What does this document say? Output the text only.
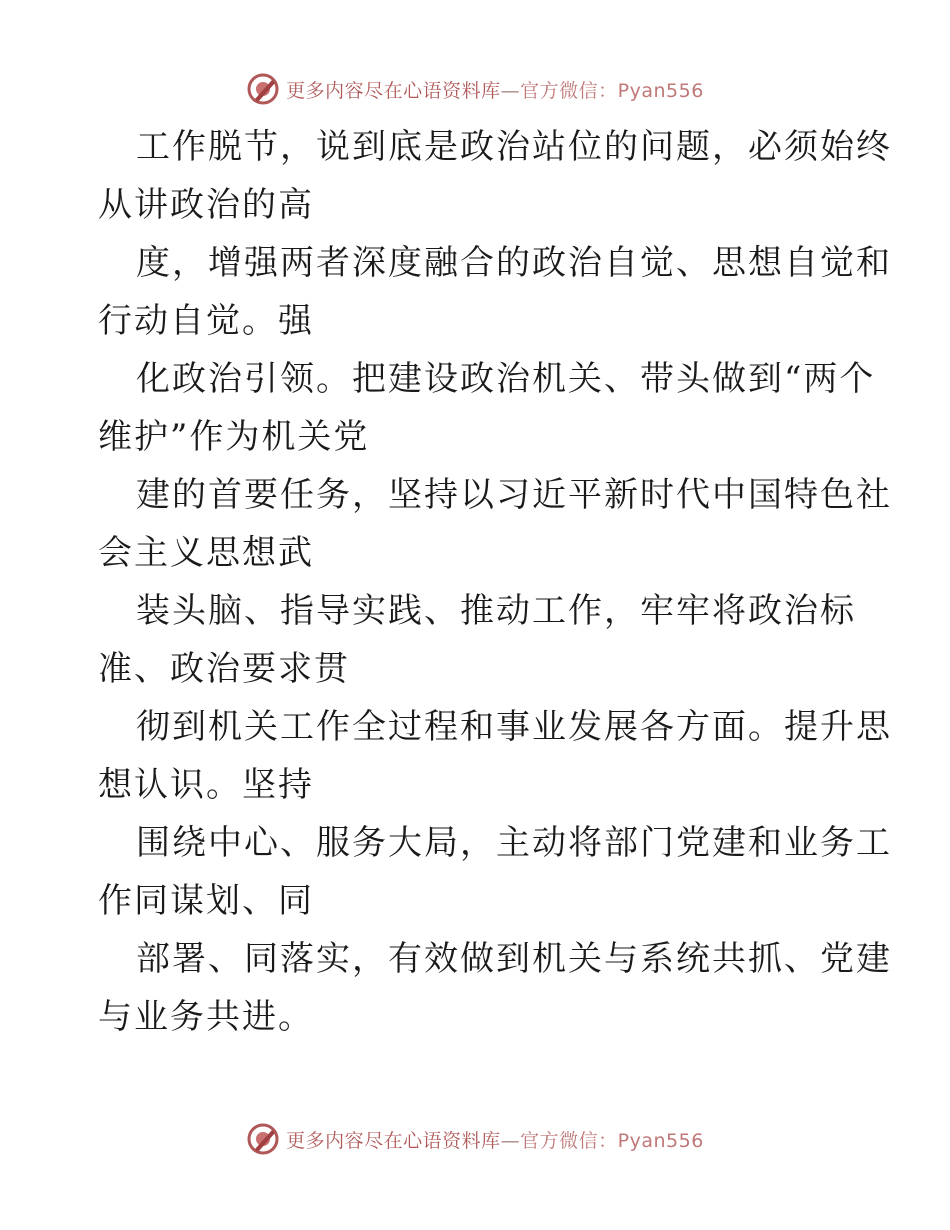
更多内容尽在心语资料库—官方微信：Pyan556
工作脱节，说到底是政治站位的问题，必须始终
从讲政治的高
度，增强两者深度融合的政治自觉、思想自觉和
行动自觉。强
化政治引领。把建设政治机关、带头做到“两个
维护”作为机关党
建的首要任务，坚持以习近平新时代中国特色社
会主义思想武
装头脑、指导实践、推动工作，牢牢将政治标
准、政治要求贯
彻到机关工作全过程和事业发展各方面。提升思
想认识。坚持
围绕中心、服务大局，主动将部门党建和业务工
作同谋划、同
部署、同落实，有效做到机关与系统共抓、党建
与业务共进。
更多内容尽在心语资料库—官方微信：Pyan556
